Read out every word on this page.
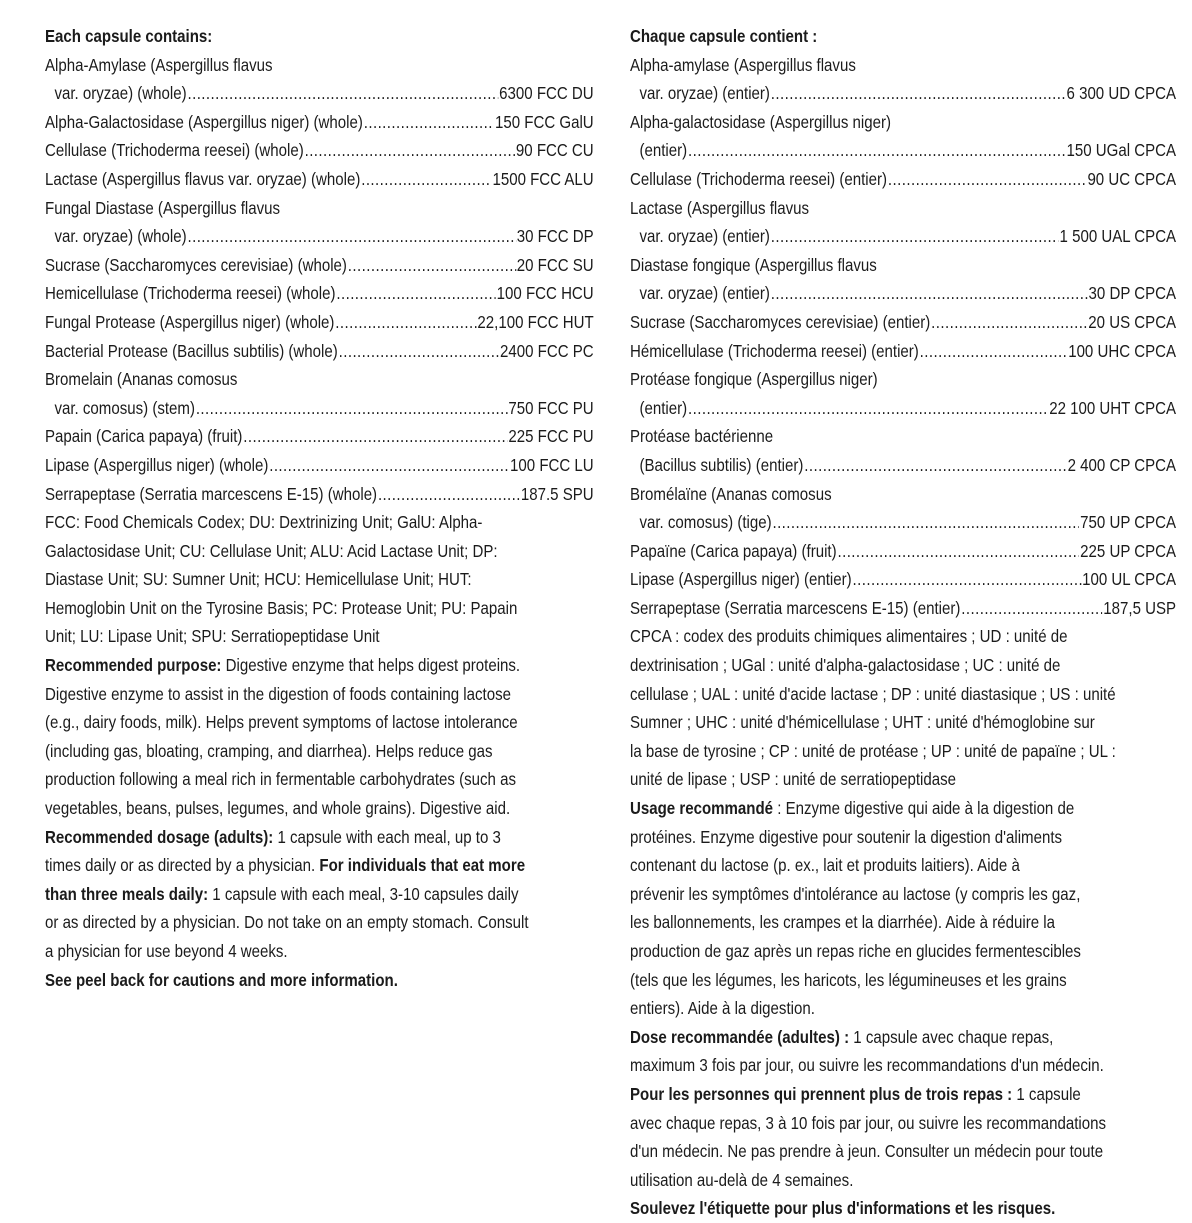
Each capsule contains:
Alpha-Amylase (Aspergillus flavus
var. oryzae) (whole) .....	6300 FCC DU
Alpha-Galactosidase (Aspergillus niger) (whole) .....	150 FCC GalU
Cellulase (Trichoderma reesei) (whole) .....	90 FCC CU
Lactase (Aspergillus flavus var. oryzae) (whole) .....	1500 FCC ALU
Fungal Diastase (Aspergillus flavus
var. oryzae) (whole) .....	30 FCC DP
Sucrase (Saccharomyces cerevisiae) (whole) .....	20 FCC SU
Hemicellulase (Trichoderma reesei) (whole) .....	100 FCC HCU
Fungal Protease (Aspergillus niger) (whole) .....	22,100 FCC HUT
Bacterial Protease (Bacillus subtilis) (whole) .....	2400 FCC PC
Bromelain (Ananas comosus
var. comosus) (stem) .....	750 FCC PU
Papain (Carica papaya) (fruit) .....	225 FCC PU
Lipase (Aspergillus niger) (whole) .....	100 FCC LU
Serrapeptase (Serratia marcescens E-15) (whole) .....	187.5 SPU
FCC: Food Chemicals Codex; DU: Dextrinizing Unit; GalU: Alpha-
Galactosidase Unit; CU: Cellulase Unit; ALU: Acid Lactase Unit; DP:
Diastase Unit; SU: Sumner Unit; HCU: Hemicellulase Unit; HUT:
Hemoglobin Unit on the Tyrosine Basis; PC: Protease Unit; PU: Papain
Unit; LU: Lipase Unit; SPU: Serratiopeptidase Unit
Recommended purpose: Digestive enzyme that helps digest proteins.
Digestive enzyme to assist in the digestion of foods containing lactose
(e.g., dairy foods, milk). Helps prevent symptoms of lactose intolerance
(including gas, bloating, cramping, and diarrhea). Helps reduce gas
production following a meal rich in fermentable carbohydrates (such as
vegetables, beans, pulses, legumes, and whole grains). Digestive aid.
Recommended dosage (adults): 1 capsule with each meal, up to 3
times daily or as directed by a physician. For individuals that eat more
than three meals daily: 1 capsule with each meal, 3-10 capsules daily
or as directed by a physician. Do not take on an empty stomach. Consult
a physician for use beyond 4 weeks.
See peel back for cautions and more information.
Chaque capsule contient :
Alpha-amylase (Aspergillus flavus
var. oryzae) (entier) .....	6 300 UD CPCA
Alpha-galactosidase (Aspergillus niger)
(entier) .....	150 UGal CPCA
Cellulase (Trichoderma reesei) (entier) .....	90 UC CPCA
Lactase (Aspergillus flavus
var. oryzae) (entier) .....	1 500 UAL CPCA
Diastase fongique (Aspergillus flavus
var. oryzae) (entier) .....	30 DP CPCA
Sucrase (Saccharomyces cerevisiae) (entier) .....	20 US CPCA
Hémicellulase (Trichoderma reesei) (entier) .....	100 UHC CPCA
Protéase fongique (Aspergillus niger)
(entier) .....	22 100 UHT CPCA
Protéase bactérienne
(Bacillus subtilis) (entier) .....	2 400 CP CPCA
Bromélaïne (Ananas comosus
var. comosus) (tige) .....	750 UP CPCA
Papaïne (Carica papaya) (fruit) .....	225 UP CPCA
Lipase (Aspergillus niger) (entier) .....	100 UL CPCA
Serrapeptase (Serratia marcescens E-15) (entier) .....	187,5 USP
CPCA : codex des produits chimiques alimentaires ; UD : unité de
dextrinisation ; UGal : unité d'alpha-galactosidase ; UC : unité de
cellulase ; UAL : unité d'acide lactase ; DP : unité diastasique ; US : unité
Sumner ; UHC : unité d'hémicellulase ; UHT : unité d'hémoglobine sur
la base de tyrosine ; CP : unité de protéase ; UP : unité de papaïne ; UL :
unité de lipase ; USP : unité de serratiopeptidase
Usage recommandé : Enzyme digestive qui aide à la digestion de
protéines. Enzyme digestive pour soutenir la digestion d'aliments
contenant du lactose (p. ex., lait et produits laitiers). Aide à
prévenir les symptômes d'intolérance au lactose (y compris les gaz,
les ballonnements, les crampes et la diarrhée). Aide à réduire la
production de gaz après un repas riche en glucides fermentescibles
(tels que les légumes, les haricots, les légumineuses et les grains
entiers). Aide à la digestion.
Dose recommandée (adultes) : 1 capsule avec chaque repas,
maximum 3 fois par jour, ou suivre les recommandations d'un médecin.
Pour les personnes qui prennent plus de trois repas : 1 capsule
avec chaque repas, 3 à 10 fois par jour, ou suivre les recommandations
d'un médecin. Ne pas prendre à jeun. Consulter un médecin pour toute
utilisation au-delà de 4 semaines.
Soulevez l'étiquette pour plus d'informations et les risques.
